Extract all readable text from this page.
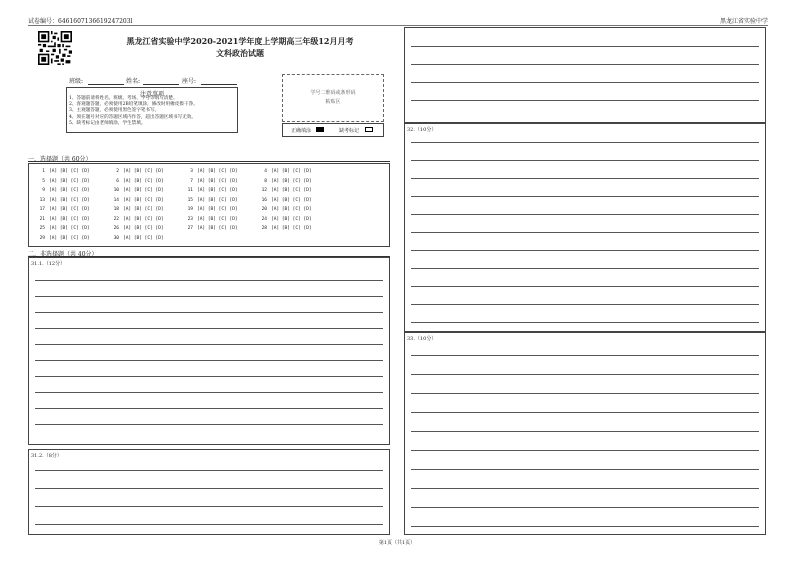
试卷编号：6461607136619247203l	黑龙江省实验中学
黑龙江省实验中学2020-2021学年度上学期高三年级12月月考
文科政治试题
班级:	姓名:	座号:
注意事项
1、答题前请将姓名、班级、考场、学号等填写清楚。
2、客观题答题，必须使用2B铅笔填涂，修改时用橡皮擦干净。
3、主观题答题，必须使用黑色签字笔书写。
4、须在题号对应的答题区域内作答，超出答题区域书写无效。
5、缺考标记由老师填涂，学生禁填。
学号二维码或条形码
粘贴区
正确填涂	缺考标记
一、选择题（共 60分）
1 [A] [B] [C] [D]	2 [A] [B] [C] [D]	3 [A] [B] [C] [D]	4 [A] [B] [C] [D]
5 [A] [B] [C] [D]	6 [A] [B] [C] [D]	7 [A] [B] [C] [D]	8 [A] [B] [C] [D]
9 [A] [B] [C] [D]	10 [A] [B] [C] [D]	11 [A] [B] [C] [D]	12 [A] [B] [C] [D]
13 [A] [B] [C] [D]	14 [A] [B] [C] [D]	15 [A] [B] [C] [D]	16 [A] [B] [C] [D]
17 [A] [B] [C] [D]	18 [A] [B] [C] [D]	19 [A] [B] [C] [D]	20 [A] [B] [C] [D]
21 [A] [B] [C] [D]	22 [A] [B] [C] [D]	23 [A] [B] [C] [D]	24 [A] [B] [C] [D]
25 [A] [B] [C] [D]	26 [A] [B] [C] [D]	27 [A] [B] [C] [D]	28 [A] [B] [C] [D]
29 [A] [B] [C] [D]	30 [A] [B] [C] [D]
二、非选择题（共 40分）
31.1.（12分）
31.2.（8分）
32.（10分）
33.（10分）
第1页（共1页）
